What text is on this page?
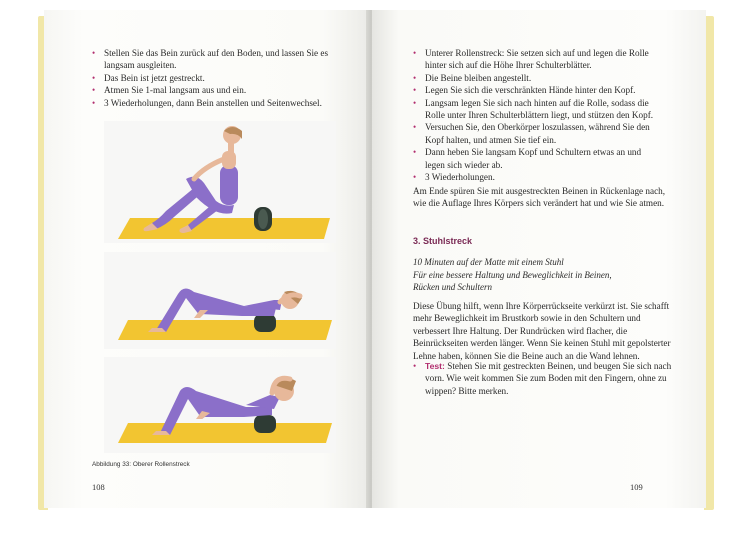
• Stellen Sie das Bein zurück auf den Boden, und lassen Sie es langsam ausgleiten.
• Das Bein ist jetzt gestreckt.
• Atmen Sie 1-mal langsam aus und ein.
• 3 Wiederholungen, dann Bein anstellen und Seitenwechsel.
Abbildung 33: Oberer Rollenstreck
108
• Unterer Rollenstreck: Sie setzen sich auf und legen die Rolle hinter sich auf die Höhe Ihrer Schulterblätter.
• Die Beine bleiben angestellt.
• Legen Sie sich die verschränkten Hände hinter den Kopf.
• Langsam legen Sie sich nach hinten auf die Rolle, sodass die Rolle unter Ihren Schulterblättern liegt, und stützen den Kopf.
• Versuchen Sie, den Oberkörper loszulassen, während Sie den Kopf halten, und atmen Sie tief ein.
• Dann heben Sie langsam Kopf und Schultern etwas an und legen sich wieder ab.
• 3 Wiederholungen.
Am Ende spüren Sie mit ausgestreckten Beinen in Rückenlage nach, wie die Auflage Ihres Körpers sich verändert hat und wie Sie atmen.
3. Stuhlstreck
10 Minuten auf der Matte mit einem Stuhl
Für eine bessere Haltung und Beweglichkeit in Beinen,
Rücken und Schultern
Diese Übung hilft, wenn Ihre Körperrückseite verkürzt ist. Sie schafft mehr Beweglichkeit im Brustkorb sowie in den Schultern und verbessert Ihre Haltung. Der Rundrücken wird flacher, die Beinrückseiten werden länger. Wenn Sie keinen Stuhl mit gepolsterter Lehne haben, können Sie die Beine auch an die Wand lehnen.
• Test: Stehen Sie mit gestreckten Beinen, und beugen Sie sich nach vorn. Wie weit kommen Sie zum Boden mit den Fingern, ohne zu wippen? Bitte merken.
109
